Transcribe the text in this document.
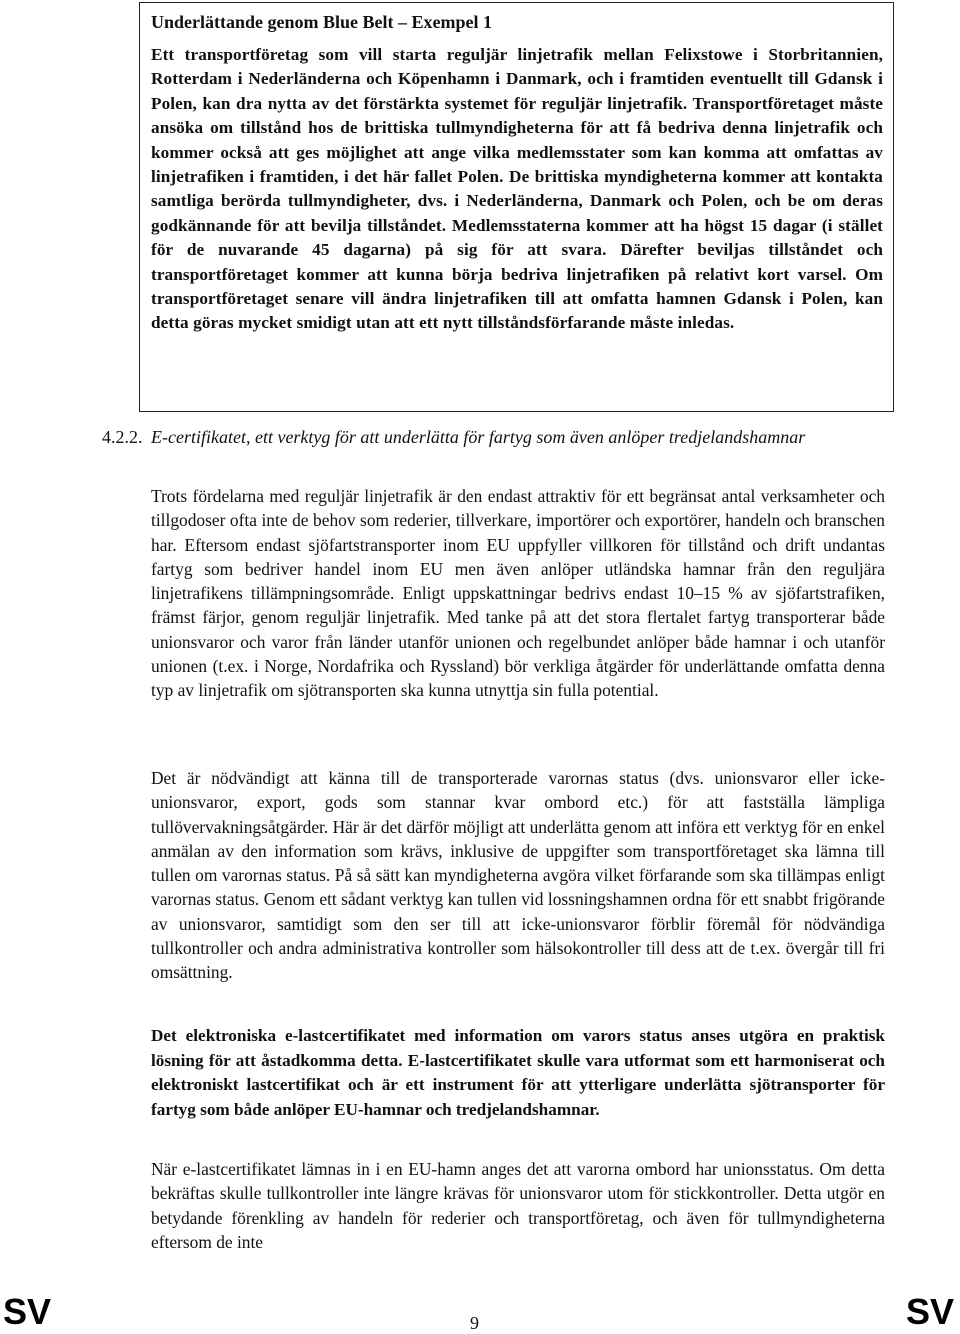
Underlättande genom Blue Belt – Exempel 1

Ett transportföretag som vill starta reguljär linjetrafik mellan Felixstowe i Storbritannien, Rotterdam i Nederländerna och Köpenhamn i Danmark, och i framtiden eventuellt till Gdansk i Polen, kan dra nytta av det förstärkta systemet för reguljär linjetrafik. Transportföretaget måste ansöka om tillstånd hos de brittiska tullmyndigheterna för att få bedriva denna linjetrafik och kommer också att ges möjlighet att ange vilka medlemsstater som kan komma att omfattas av linjetrafiken i framtiden, i det här fallet Polen. De brittiska myndigheterna kommer att kontakta samtliga berörda tullmyndigheter, dvs. i Nederländerna, Danmark och Polen, och be om deras godkännande för att bevilja tillståndet. Medlemsstaterna kommer att ha högst 15 dagar (i stället för de nuvarande 45 dagarna) på sig för att svara. Därefter beviljas tillståndet och transportföretaget kommer att kunna börja bedriva linjetrafiken på relativt kort varsel. Om transportföretaget senare vill ändra linjetrafiken till att omfatta hamnen Gdansk i Polen, kan detta göras mycket smidigt utan att ett nytt tillståndsförfarande måste inledas.

4.2.2. E-certifikatet, ett verktyg för att underlätta för fartyg som även anlöper tredjelandshamnar

Trots fördelarna med reguljär linjetrafik är den endast attraktiv för ett begränsat antal verksamheter och tillgodoser ofta inte de behov som rederier, tillverkare, importörer och exportörer, handeln och branschen har. Eftersom endast sjöfartstransporter inom EU uppfyller villkoren för tillstånd och drift undantas fartyg som bedriver handel inom EU men även anlöper utländska hamnar från den reguljära linjetrafikens tillämpningsområde. Enligt uppskattningar bedrivs endast 10–15 % av sjöfartstrafiken, främst färjor, genom reguljär linjetrafik. Med tanke på att det stora flertalet fartyg transporterar både unionsvaror och varor från länder utanför unionen och regelbundet anlöper både hamnar i och utanför unionen (t.ex. i Norge, Nordafrika och Ryssland) bör verkliga åtgärder för underlättande omfatta denna typ av linjetrafik om sjötransporten ska kunna utnyttja sin fulla potential.

Det är nödvändigt att känna till de transporterade varornas status (dvs. unionsvaror eller icke-unionsvaror, export, gods som stannar kvar ombord etc.) för att fastställa lämpliga tullövervakningsåtgärder. Här är det därför möjligt att underlätta genom att införa ett verktyg för en enkel anmälan av den information som krävs, inklusive de uppgifter som transportföretaget ska lämna till tullen om varornas status. På så sätt kan myndigheterna avgöra vilket förfarande som ska tillämpas enligt varornas status. Genom ett sådant verktyg kan tullen vid lossningshamnen ordna för ett snabbt frigörande av unionsvaror, samtidigt som den ser till att icke-unionsvaror förblir föremål för nödvändiga tullkontroller och andra administrativa kontroller som hälsokontroller till dess att de t.ex. övergår till fri omsättning.

Det elektroniska e-lastcertifikatet med information om varors status anses utgöra en praktisk lösning för att åstadkomma detta. E-lastcertifikatet skulle vara utformat som ett harmoniserat och elektroniskt lastcertifikat och är ett instrument för att ytterligare underlätta sjötransporter för fartyg som både anlöper EU-hamnar och tredjelandshamnar.

När e-lastcertifikatet lämnas in i en EU-hamn anges det att varorna ombord har unionsstatus. Om detta bekräftas skulle tullkontroller inte längre krävas för unionsvaror utom för stickkontroller. Detta utgör en betydande förenkling av handeln för rederier och transportföretag, och även för tullmyndigheterna eftersom de inte

SV	9	SV
